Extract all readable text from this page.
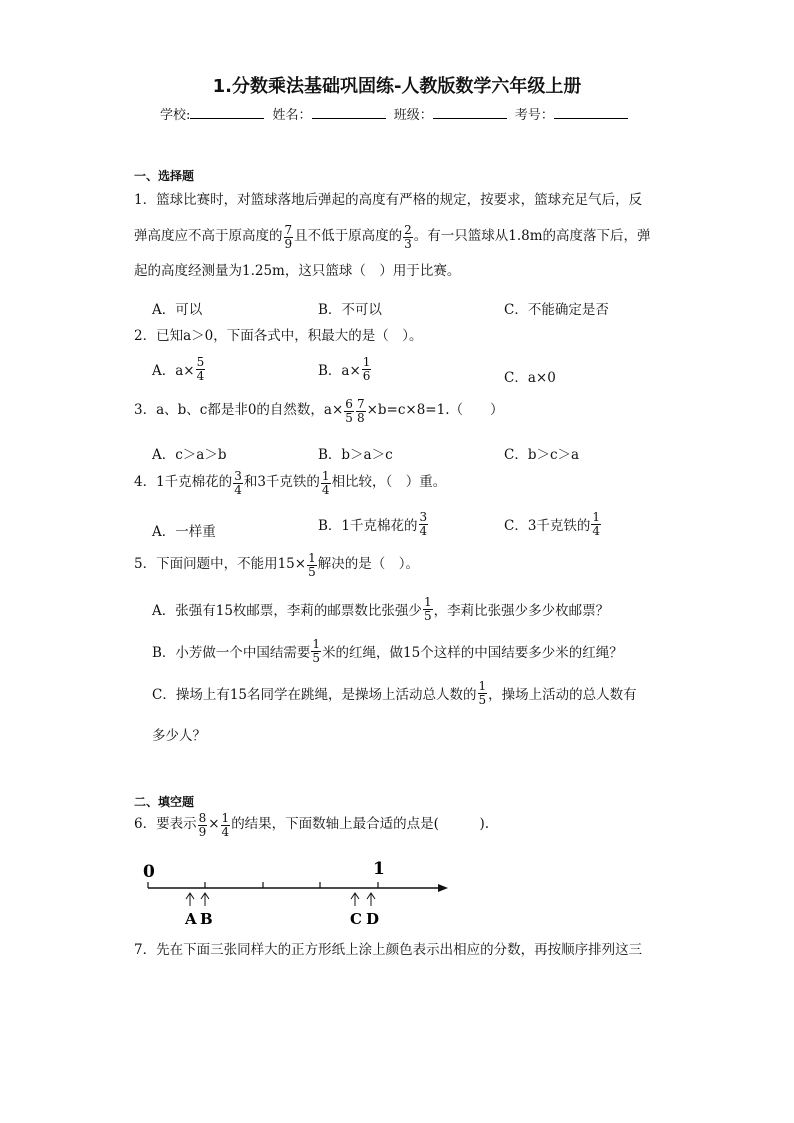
1.分数乘法基础巩固练-人教版数学六年级上册
学校:	姓名：	班级：	考号：
一、选择题
1．篮球比赛时，对篮球落地后弹起的高度有严格的规定，按要求，篮球充足气后，反
弹高度应不高于原高度的 $\frac{7}{9}$ 且不低于原高度的 $\frac{2}{3}$ 。有一只篮球从1.8m的高度落下后，弹
起的高度经测量为1.25m，这只篮球（　）用于比赛。
A．可以	B．不可以	C．不能确定是否
2．已知a＞0，下面各式中，积最大的是（　）。
A．$a\times \frac{5}{4}$	B．$a\times \frac{1}{6}$	C．a×0
3．a、b、c都是非0的自然数，$a\times \frac{6}{5} \frac{7}{8} \times b=c\times 8=1$.（　　）
A．c＞a＞b	B．b＞a＞c	C．b＞c＞a
4．1千克棉花的 $\frac{3}{4}$ 和3千克铁的 $\frac{1}{4}$ 相比较，（　）重。
A．一样重	B．1千克棉花的 $\frac{3}{4}$	C．3千克铁的 $\frac{1}{4}$
5．下面问题中，不能用$15\times \frac{1}{5}$ 解决的是（　）。
A．张强有15枚邮票，李莉的邮票数比张强少 $\frac{1}{5}$ ，李莉比张强少多少枚邮票？
B．小芳做一个中国结需要 $\frac{1}{5}$ 米的红绳，做15个这样的中国结要多少米的红绳？
C．操场上有15名同学在跳绳，是操场上活动总人数的 $\frac{1}{5}$ ，操场上活动的总人数有
多少人？
二、填空题
6．要表示 $\frac{8}{9} \times \frac{1}{4}$ 的结果，下面数轴上最合适的点是(　　　).
0	1
A B	C D
7．先在下面三张同样大的正方形纸上涂上颜色表示出相应的分数，再按顺序排列这三
